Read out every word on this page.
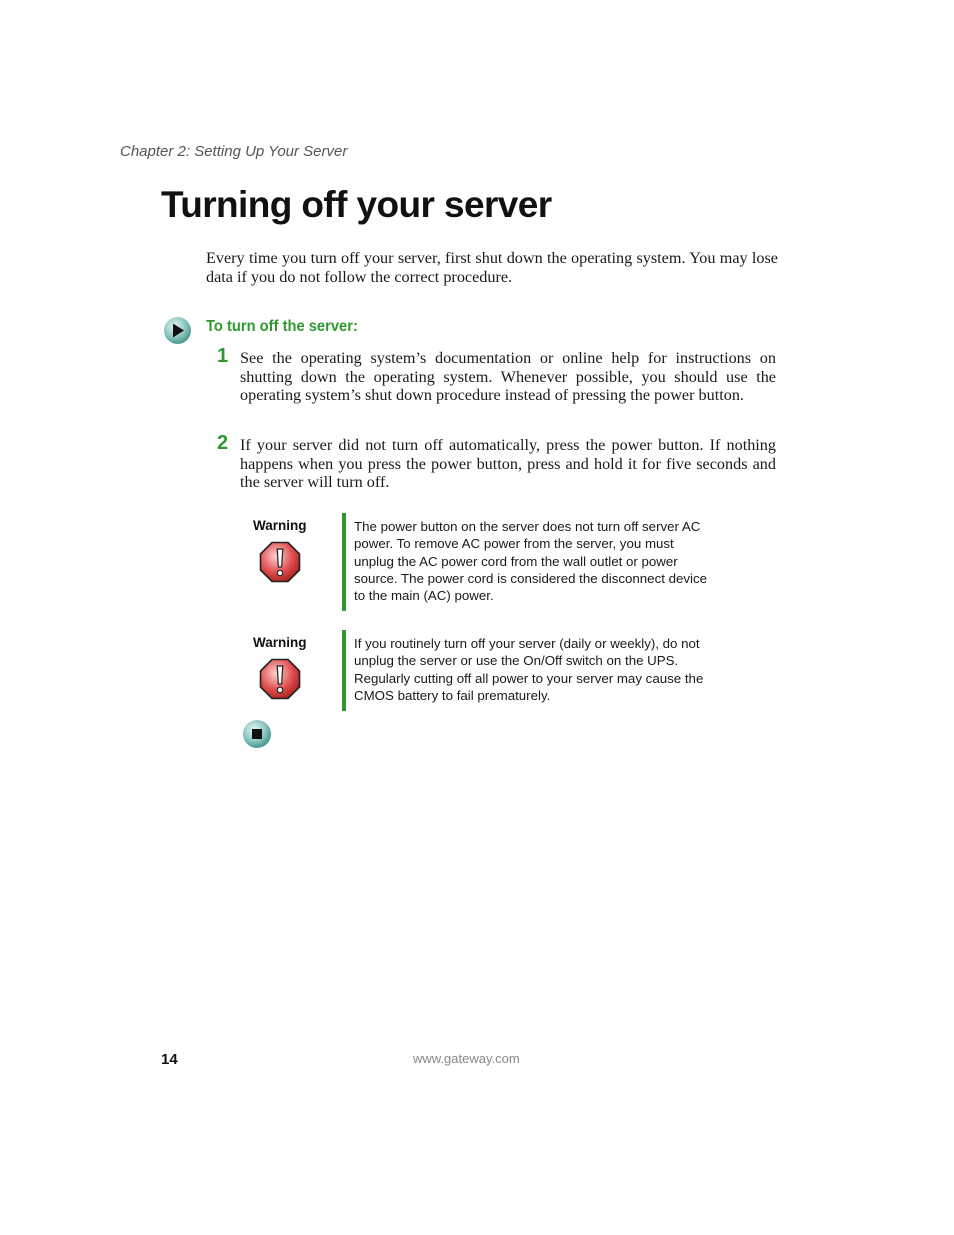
Chapter 2: Setting Up Your Server
Turning off your server

Every time you turn off your server, first shut down the operating system. You may lose data if you do not follow the correct procedure.

To turn off the server:
1 See the operating system’s documentation or online help for instructions on shutting down the operating system. Whenever possible, you should use the operating system’s shut down procedure instead of pressing the power button.

2 If your server did not turn off automatically, press the power button. If nothing happens when you press the power button, press and hold it for five seconds and the server will turn off.

Warning	The power button on the server does not turn off server AC power. To remove AC power from the server, you must unplug the AC power cord from the wall outlet or power source. The power cord is considered the disconnect device to the main (AC) power.

Warning	If you routinely turn off your server (daily or weekly), do not unplug the server or use the On/Off switch on the UPS. Regularly cutting off all power to your server may cause the CMOS battery to fail prematurely.

14	www.gateway.com
